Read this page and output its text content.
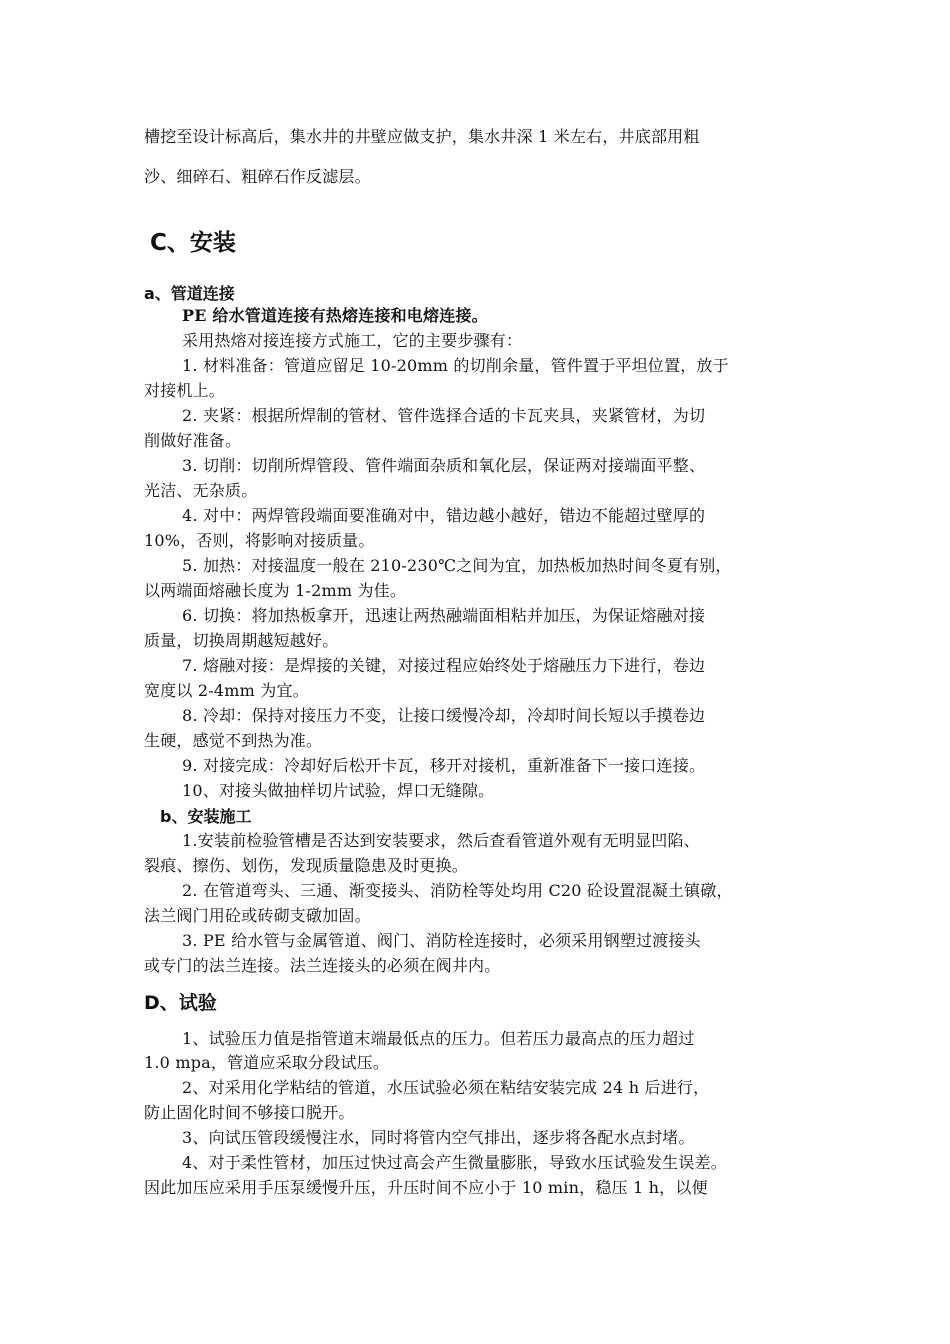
槽挖至设计标高后，集水井的井壁应做支护，集水井深 1 米左右，井底部用粗
沙、细碎石、粗碎石作反滤层。
C、安装
a、管道连接
PE 给水管道连接有热熔连接和电熔连接。
采用热熔对接连接方式施工，它的主要步骤有：
1. 材料准备：管道应留足 10-20mm 的切削余量，管件置于平坦位置，放于
对接机上。
2. 夹紧：根据所焊制的管材、管件选择合适的卡瓦夹具，夹紧管材，为切
削做好准备。
3. 切削：切削所焊管段、管件端面杂质和氧化层，保证两对接端面平整、
光洁、无杂质。
4. 对中：两焊管段端面要准确对中，错边越小越好，错边不能超过壁厚的
10%，否则，将影响对接质量。
5. 加热：对接温度一般在 210-230℃之间为宜，加热板加热时间冬夏有别，
以两端面熔融长度为 1-2mm 为佳。
6. 切换：将加热板拿开，迅速让两热融端面相粘并加压，为保证熔融对接
质量，切换周期越短越好。
7. 熔融对接：是焊接的关键，对接过程应始终处于熔融压力下进行，卷边
宽度以 2-4mm 为宜。
8. 冷却：保持对接压力不变，让接口缓慢冷却，冷却时间长短以手摸卷边
生硬，感觉不到热为准。
9. 对接完成：冷却好后松开卡瓦，移开对接机，重新准备下一接口连接。
10、对接头做抽样切片试验，焊口无缝隙。
b、安装施工
1.安装前检验管槽是否达到安装要求，然后查看管道外观有无明显凹陷、
裂痕、擦伤、划伤，发现质量隐患及时更换。
2. 在管道弯头、三通、渐变接头、消防栓等处均用 C20 砼设置混凝土镇礅，
法兰阀门用砼或砖砌支礅加固。
3. PE 给水管与金属管道、阀门、消防栓连接时，必须采用钢塑过渡接头
或专门的法兰连接。法兰连接头的必须在阀井内。
D、试验
1、试验压力值是指管道末端最低点的压力。但若压力最高点的压力超过
1.0 mpa，管道应采取分段试压。
2、对采用化学粘结的管道，水压试验必须在粘结安装完成 24 h 后进行，
防止固化时间不够接口脱开。
3、向试压管段缓慢注水，同时将管内空气排出，逐步将各配水点封堵。
4、对于柔性管材，加压过快过高会产生微量膨胀，导致水压试验发生误差。
因此加压应采用手压泵缓慢升压，升压时间不应小于 10 min，稳压 1 h，以便
